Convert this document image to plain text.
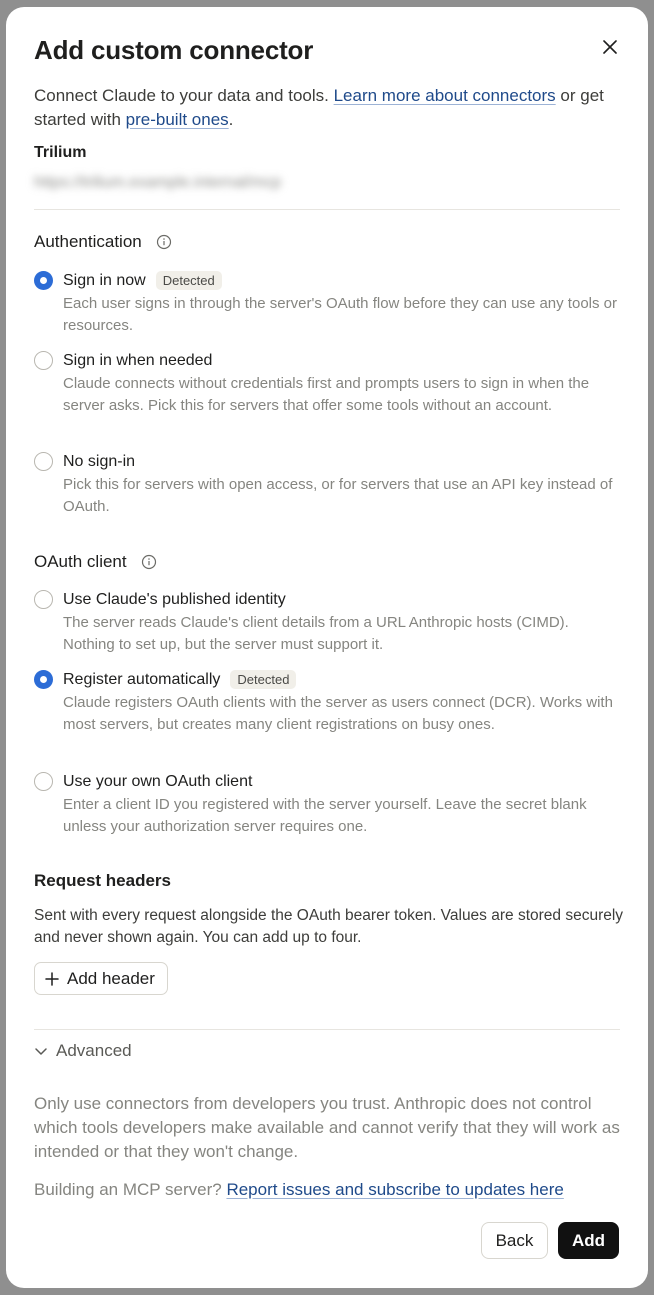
Add custom connector
Connect Claude to your data and tools. Learn more about connectors or get started with pre-built ones.
Trilium
https://trilium.example.internal/mcp
Authentication
Sign in now	Detected
Each user signs in through the server's OAuth flow before they can use any tools or resources.
Sign in when needed
Claude connects without credentials first and prompts users to sign in when the server asks. Pick this for servers that offer some tools without an account.
No sign-in
Pick this for servers with open access, or for servers that use an API key instead of OAuth.
OAuth client
Use Claude's published identity
The server reads Claude's client details from a URL Anthropic hosts (CIMD). Nothing to set up, but the server must support it.
Register automatically	Detected
Claude registers OAuth clients with the server as users connect (DCR). Works with most servers, but creates many client registrations on busy ones.
Use your own OAuth client
Enter a client ID you registered with the server yourself. Leave the secret blank unless your authorization server requires one.
Request headers
Sent with every request alongside the OAuth bearer token. Values are stored securely and never shown again. You can add up to four.
Add header
Advanced
Only use connectors from developers you trust. Anthropic does not control which tools developers make available and cannot verify that they will work as intended or that they won't change.
Building an MCP server? Report issues and subscribe to updates here
Back	Add
